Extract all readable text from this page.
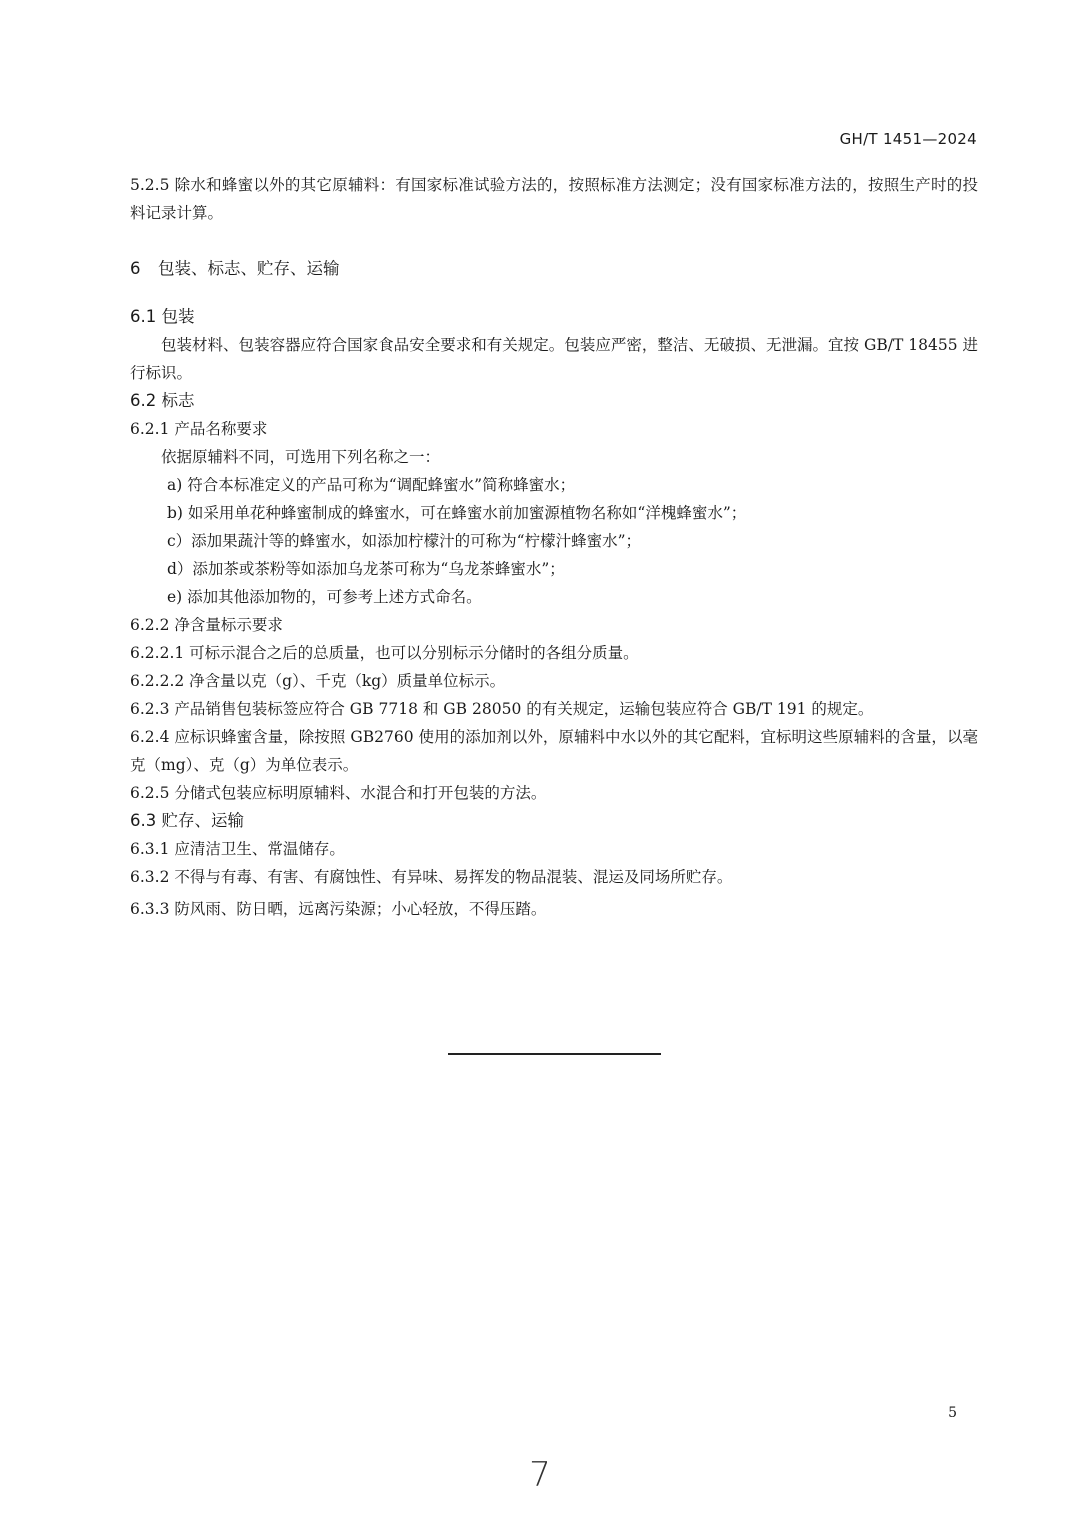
GH/T 1451—2024

5.2.5 除水和蜂蜜以外的其它原辅料：有国家标准试验方法的，按照标准方法测定；没有国家标准方法的，按照生产时的投料记录计算。

6 包装、标志、贮存、运输

6.1 包装

包装材料、包装容器应符合国家食品安全要求和有关规定。包装应严密，整洁、无破损、无泄漏。宜按 GB/T 18455 进行标识。

6.2 标志

6.2.1 产品名称要求

依据原辅料不同，可选用下列名称之一：

a) 符合本标准定义的产品可称为“调配蜂蜜水”简称蜂蜜水；

b) 如采用单花种蜂蜜制成的蜂蜜水，可在蜂蜜水前加蜜源植物名称如“洋槐蜂蜜水”；

c）添加果蔬汁等的蜂蜜水，如添加柠檬汁的可称为“柠檬汁蜂蜜水”；

d）添加茶或茶粉等如添加乌龙茶可称为“乌龙茶蜂蜜水”；

e) 添加其他添加物的，可参考上述方式命名。

6.2.2 净含量标示要求

6.2.2.1 可标示混合之后的总质量，也可以分别标示分储时的各组分质量。

6.2.2.2 净含量以克（g）、千克（kg）质量单位标示。

6.2.3 产品销售包装标签应符合 GB 7718 和 GB 28050 的有关规定，运输包装应符合 GB/T 191 的规定。

6.2.4 应标识蜂蜜含量，除按照 GB2760 使用的添加剂以外，原辅料中水以外的其它配料，宜标明这些原辅料的含量，以毫克（mg）、克（g）为单位表示。

6.2.5 分储式包装应标明原辅料、水混合和打开包装的方法。

6.3 贮存、运输

6.3.1 应清洁卫生、常温储存。

6.3.2 不得与有毒、有害、有腐蚀性、有异味、易挥发的物品混装、混运及同场所贮存。

6.3.3 防风雨、防日晒，远离污染源；小心轻放，不得压踏。

5
7
